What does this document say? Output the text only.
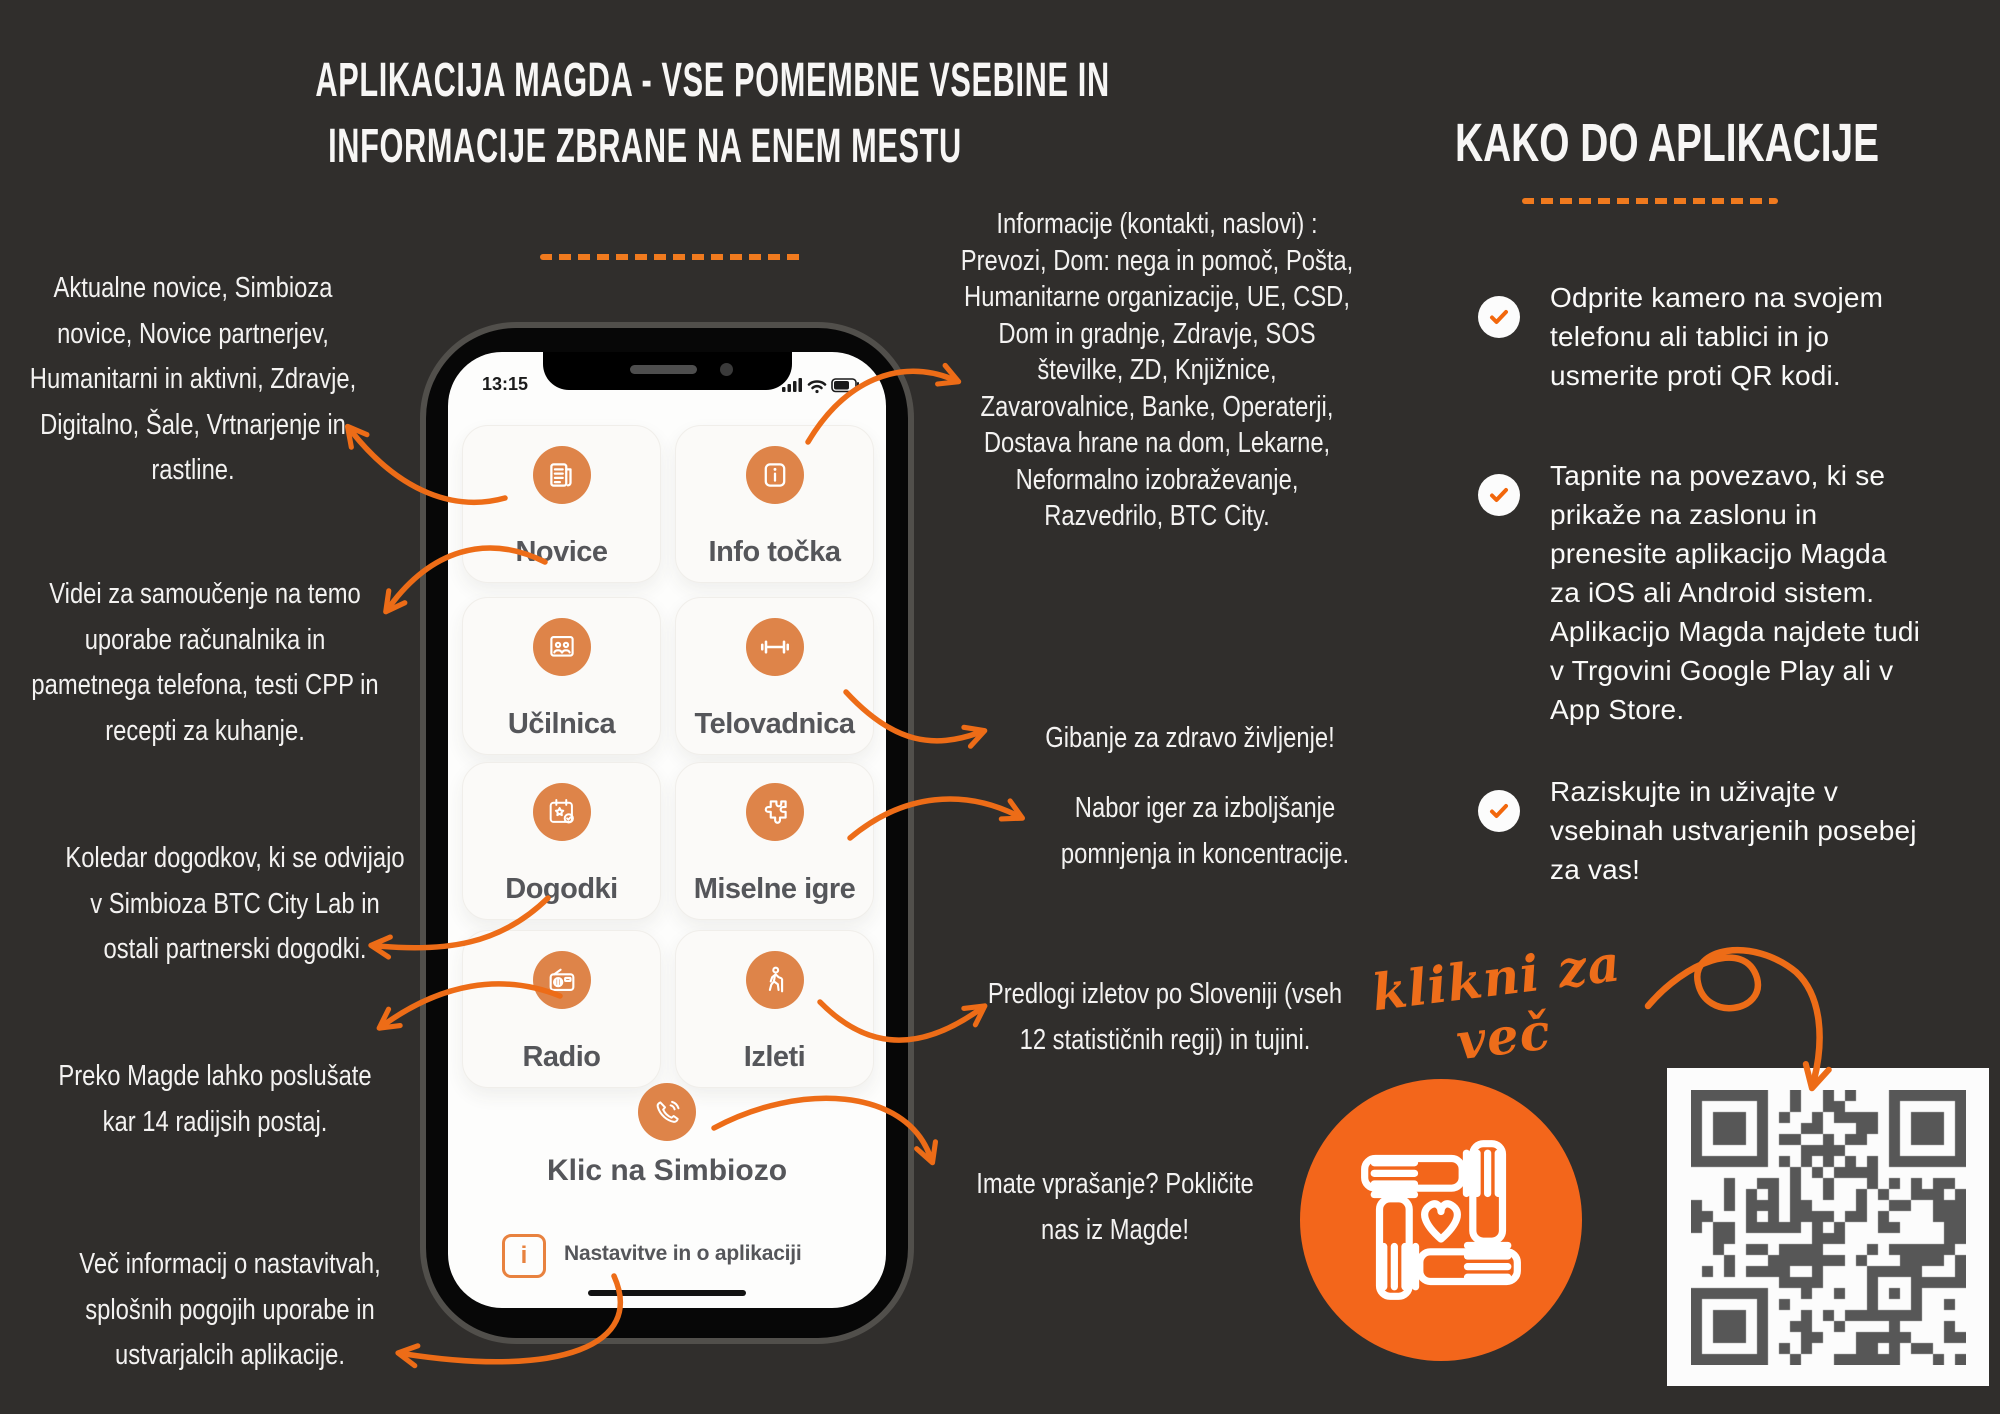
APLIKACIJA MAGDA - VSE POMEMBNE VSEBINE IN
INFORMACIJE ZBRANE NA ENEM MESTU
Aktualne novice, Simbioza novice, Novice partnerjev, Humanitarni in aktivni, Zdravje, Digitalno, Šale, Vrtnarjenje in rastline.
Videi za samoučenje na temo uporabe računalnika in pametnega telefona, testi CPP in recepti za kuhanje.
Koledar dogodkov, ki se odvijajo v Simbioza BTC City Lab in ostali partnerski dogodki.
Preko Magde lahko poslušate kar 14 radijsih postaj.
Več informacij o nastavitvah, splošnih pogojih uporabe in ustvarjalcih aplikacije.
Informacije (kontakti, naslovi) : Prevozi, Dom: nega in pomoč, Pošta, Humanitarne organizacije, UE, CSD, Dom in gradnje, Zdravje, SOS številke, ZD, Knjižnice, Zavarovalnice, Banke, Operaterji, Dostava hrane na dom, Lekarne, Neformalno izobraževanje, Razvedrilo, BTC City.
Gibanje za zdravo življenje!
Nabor iger za izboljšanje pomnjenja in koncentracije.
Predlogi izletov po Sloveniji (vseh 12 statističnih regij) in tujini.
Imate vprašanje? Pokličite nas iz Magde!
13:15
Novice	Info točka
Učilnica	Telovadnica
Dogodki	Miselne igre
Radio	Izleti
Klic na Simbiozo
i	Nastavitve in o aplikaciji
KAKO DO APLIKACIJE
Odprite kamero na svojem telefonu ali tablici in jo usmerite proti QR kodi.
Tapnite na povezavo, ki se prikaže na zaslonu in prenesite aplikacijo Magda za iOS ali Android sistem. Aplikacijo Magda najdete tudi v Trgovini Google Play ali v App Store.
Raziskujte in uživajte v vsebinah ustvarjenih posebej za vas!
klikni za več
